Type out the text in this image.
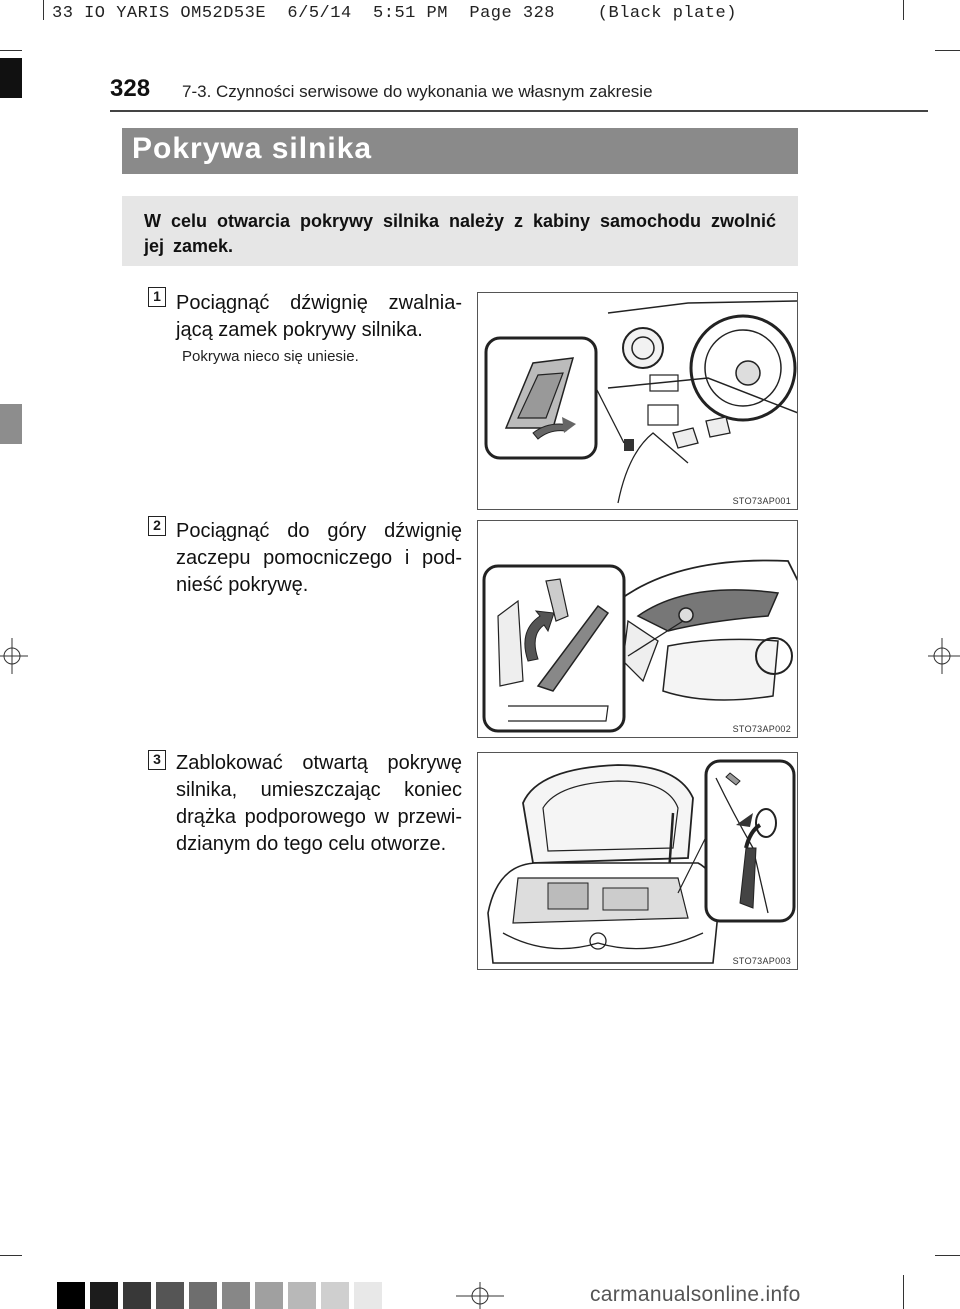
33 IO YARIS OM52D53E  6/5/14  5:51 PM  Page 328    (Black plate)
328 7-3. Czynności serwisowe do wykonania we własnym zakresie
Pokrywa silnika
W celu otwarcia pokrywy silnika należy z kabiny samochodu zwolnić jej zamek.
1 Pociągnąć dźwignię zwalnia-jącą zamek pokrywy silnika.
Pokrywa nieco się uniesie.
STO73AP001
2 Pociągnąć do góry dźwignię zaczepu pomocniczego i pod-nieść pokrywę.
STO73AP002
3 Zablokować otwartą pokrywę silnika, umieszczając koniec drążka podporowego w przewi-dzianym do tego celu otworze.
STO73AP003
carmanualsonline.info
